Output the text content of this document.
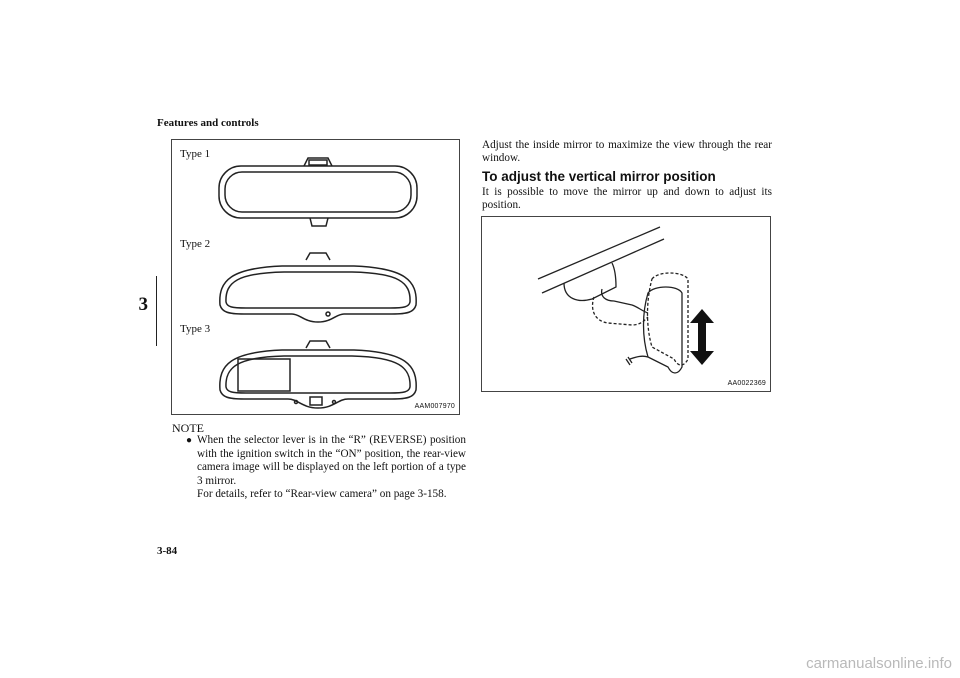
Features and controls
3
Type 1
Type 2
Type 3
AAM007970
NOTE
● When the selector lever is in the “R” (REVERSE) position with the ignition switch in the “ON” position, the rear-view camera image will be displayed on the left portion of a type 3 mirror.

For details, refer to “Rear-view camera” on page 3-158.

Adjust the inside mirror to maximize the view through the rear window.
To adjust the vertical mirror position
It is possible to move the mirror up and down to adjust its position.
AA0022369
3-84
carmanualsonline.info
